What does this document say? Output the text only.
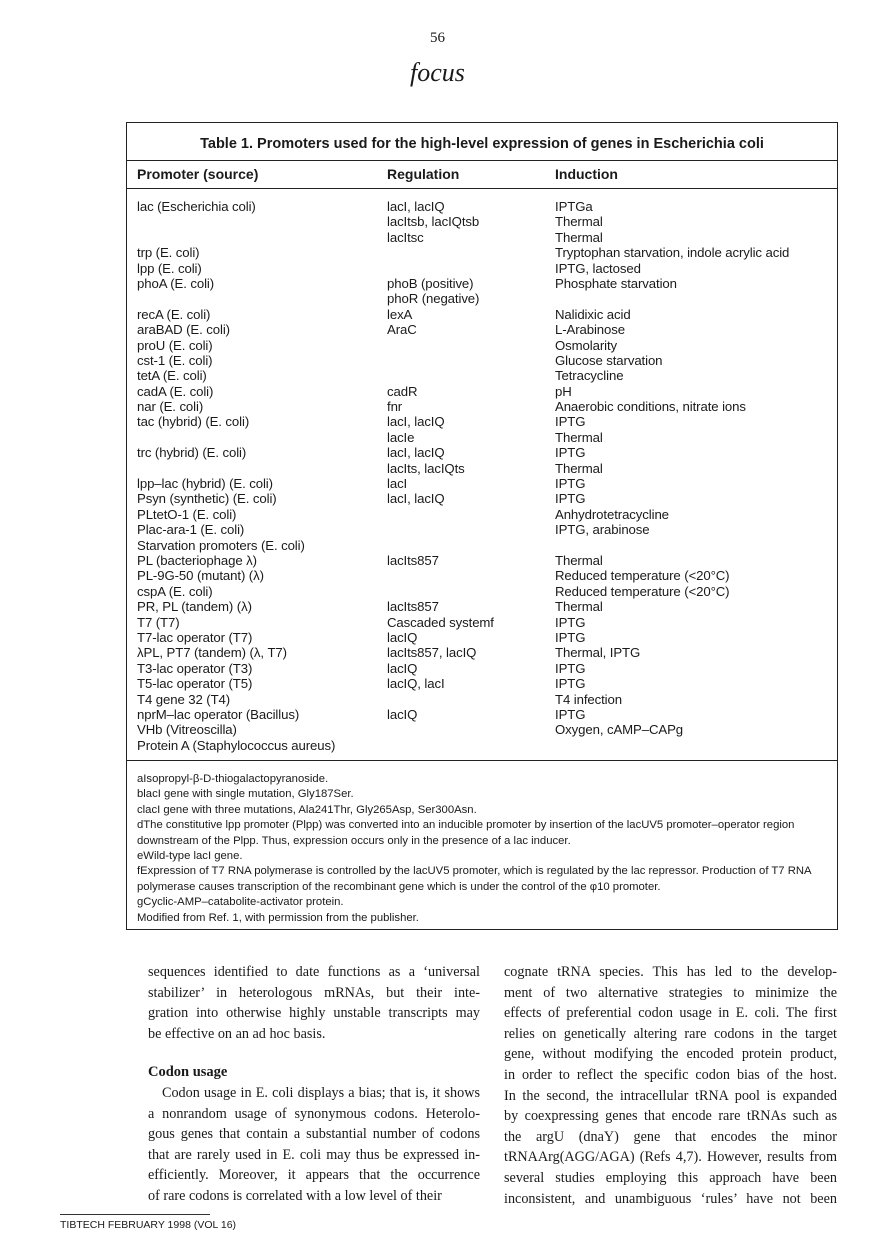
56
focus
Table 1. Promoters used for the high-level expression of genes in Escherichia coli
Promoter (source)	Regulation	Induction
lac (Escherichia coli)
trp (E. coli)
lpp (E. coli)
phoA (E. coli)
recA (E. coli)
araBAD (E. coli)
proU (E. coli)
cst-1 (E. coli)
tetA (E. coli)
cadA (E. coli)
nar (E. coli)
tac (hybrid) (E. coli)
trc (hybrid) (E. coli)
lpp–lac (hybrid) (E. coli)
Psyn (synthetic) (E. coli)
PLtetO-1 (E. coli)
Plac-ara-1 (E. coli)
Starvation promoters (E. coli)
PL (bacteriophage λ)
PL-9G-50 (mutant) (λ)
cspA (E. coli)
PR, PL (tandem) (λ)
T7 (T7)
T7-lac operator (T7)
λPL, PT7 (tandem) (λ, T7)
T3-lac operator (T3)
T5-lac operator (T5)
T4 gene 32 (T4)
nprM–lac operator (Bacillus)
VHb (Vitreoscilla)
Protein A (Staphylococcus aureus)
lacI, lacIQ
lacItsb, lacIQtsb
lacItsc
phoB (positive)
phoR (negative)
lexA
AraC
cadR
fnr
lacI, lacIQ
lacIe
lacI, lacIQ
lacIts, lacIQts
lacI
lacI, lacIQ
lacIts857
lacIts857
Cascaded systemf
lacIQ
lacIts857, lacIQ
lacIQ
lacIQ, lacI
lacIQ
IPTGa
Thermal
Thermal
Tryptophan starvation, indole acrylic acid
IPTG, lactosed
Phosphate starvation
Nalidixic acid
L-Arabinose
Osmolarity
Glucose starvation
Tetracycline
pH
Anaerobic conditions, nitrate ions
IPTG
Thermal
IPTG
Thermal
IPTG
IPTG
Anhydrotetracycline
IPTG, arabinose
Thermal
Reduced temperature (<20°C)
Reduced temperature (<20°C)
Thermal
IPTG
IPTG
Thermal, IPTG
IPTG
IPTG
T4 infection
IPTG
Oxygen, cAMP–CAPg
aIsopropyl-β-D-thiogalactopyranoside.
blacI gene with single mutation, Gly187Ser.
clacI gene with three mutations, Ala241Thr, Gly265Asp, Ser300Asn.
dThe constitutive lpp promoter (Plpp) was converted into an inducible promoter by insertion of the lacUV5 promoter–operator region
downstream of the Plpp. Thus, expression occurs only in the presence of a lac inducer.
eWild-type lacI gene.
fExpression of T7 RNA polymerase is controlled by the lacUV5 promoter, which is regulated by the lac repressor. Production of T7 RNA
polymerase causes transcription of the recombinant gene which is under the control of the φ10 promoter.
gCyclic-AMP–catabolite-activator protein.
Modified from Ref. 1, with permission from the publisher.
sequences identified to date functions as a ‘universal
stabilizer’ in heterologous mRNAs, but their inte-
gration into otherwise highly unstable transcripts may
be effective on an ad hoc basis.
Codon usage
Codon usage in E. coli displays a bias; that is, it shows
a nonrandom usage of synonymous codons. Heterolo-
gous genes that contain a substantial number of codons
that are rarely used in E. coli may thus be expressed in-
efficiently. Moreover, it appears that the occurrence
of rare codons is correlated with a low level of their
cognate tRNA species. This has led to the develop-
ment of two alternative strategies to minimize the
effects of preferential codon usage in E. coli. The first
relies on genetically altering rare codons in the target
gene, without modifying the encoded protein product,
in order to reflect the specific codon bias of the host.
In the second, the intracellular tRNA pool is expanded
by coexpressing genes that encode rare tRNAs such as
the argU (dnaY) gene that encodes the minor
tRNAArg(AGG/AGA) (Refs 4,7). However, results from
several studies employing this approach have been
inconsistent, and unambiguous ‘rules’ have not been
TIBTECH FEBRUARY 1998 (VOL 16)
